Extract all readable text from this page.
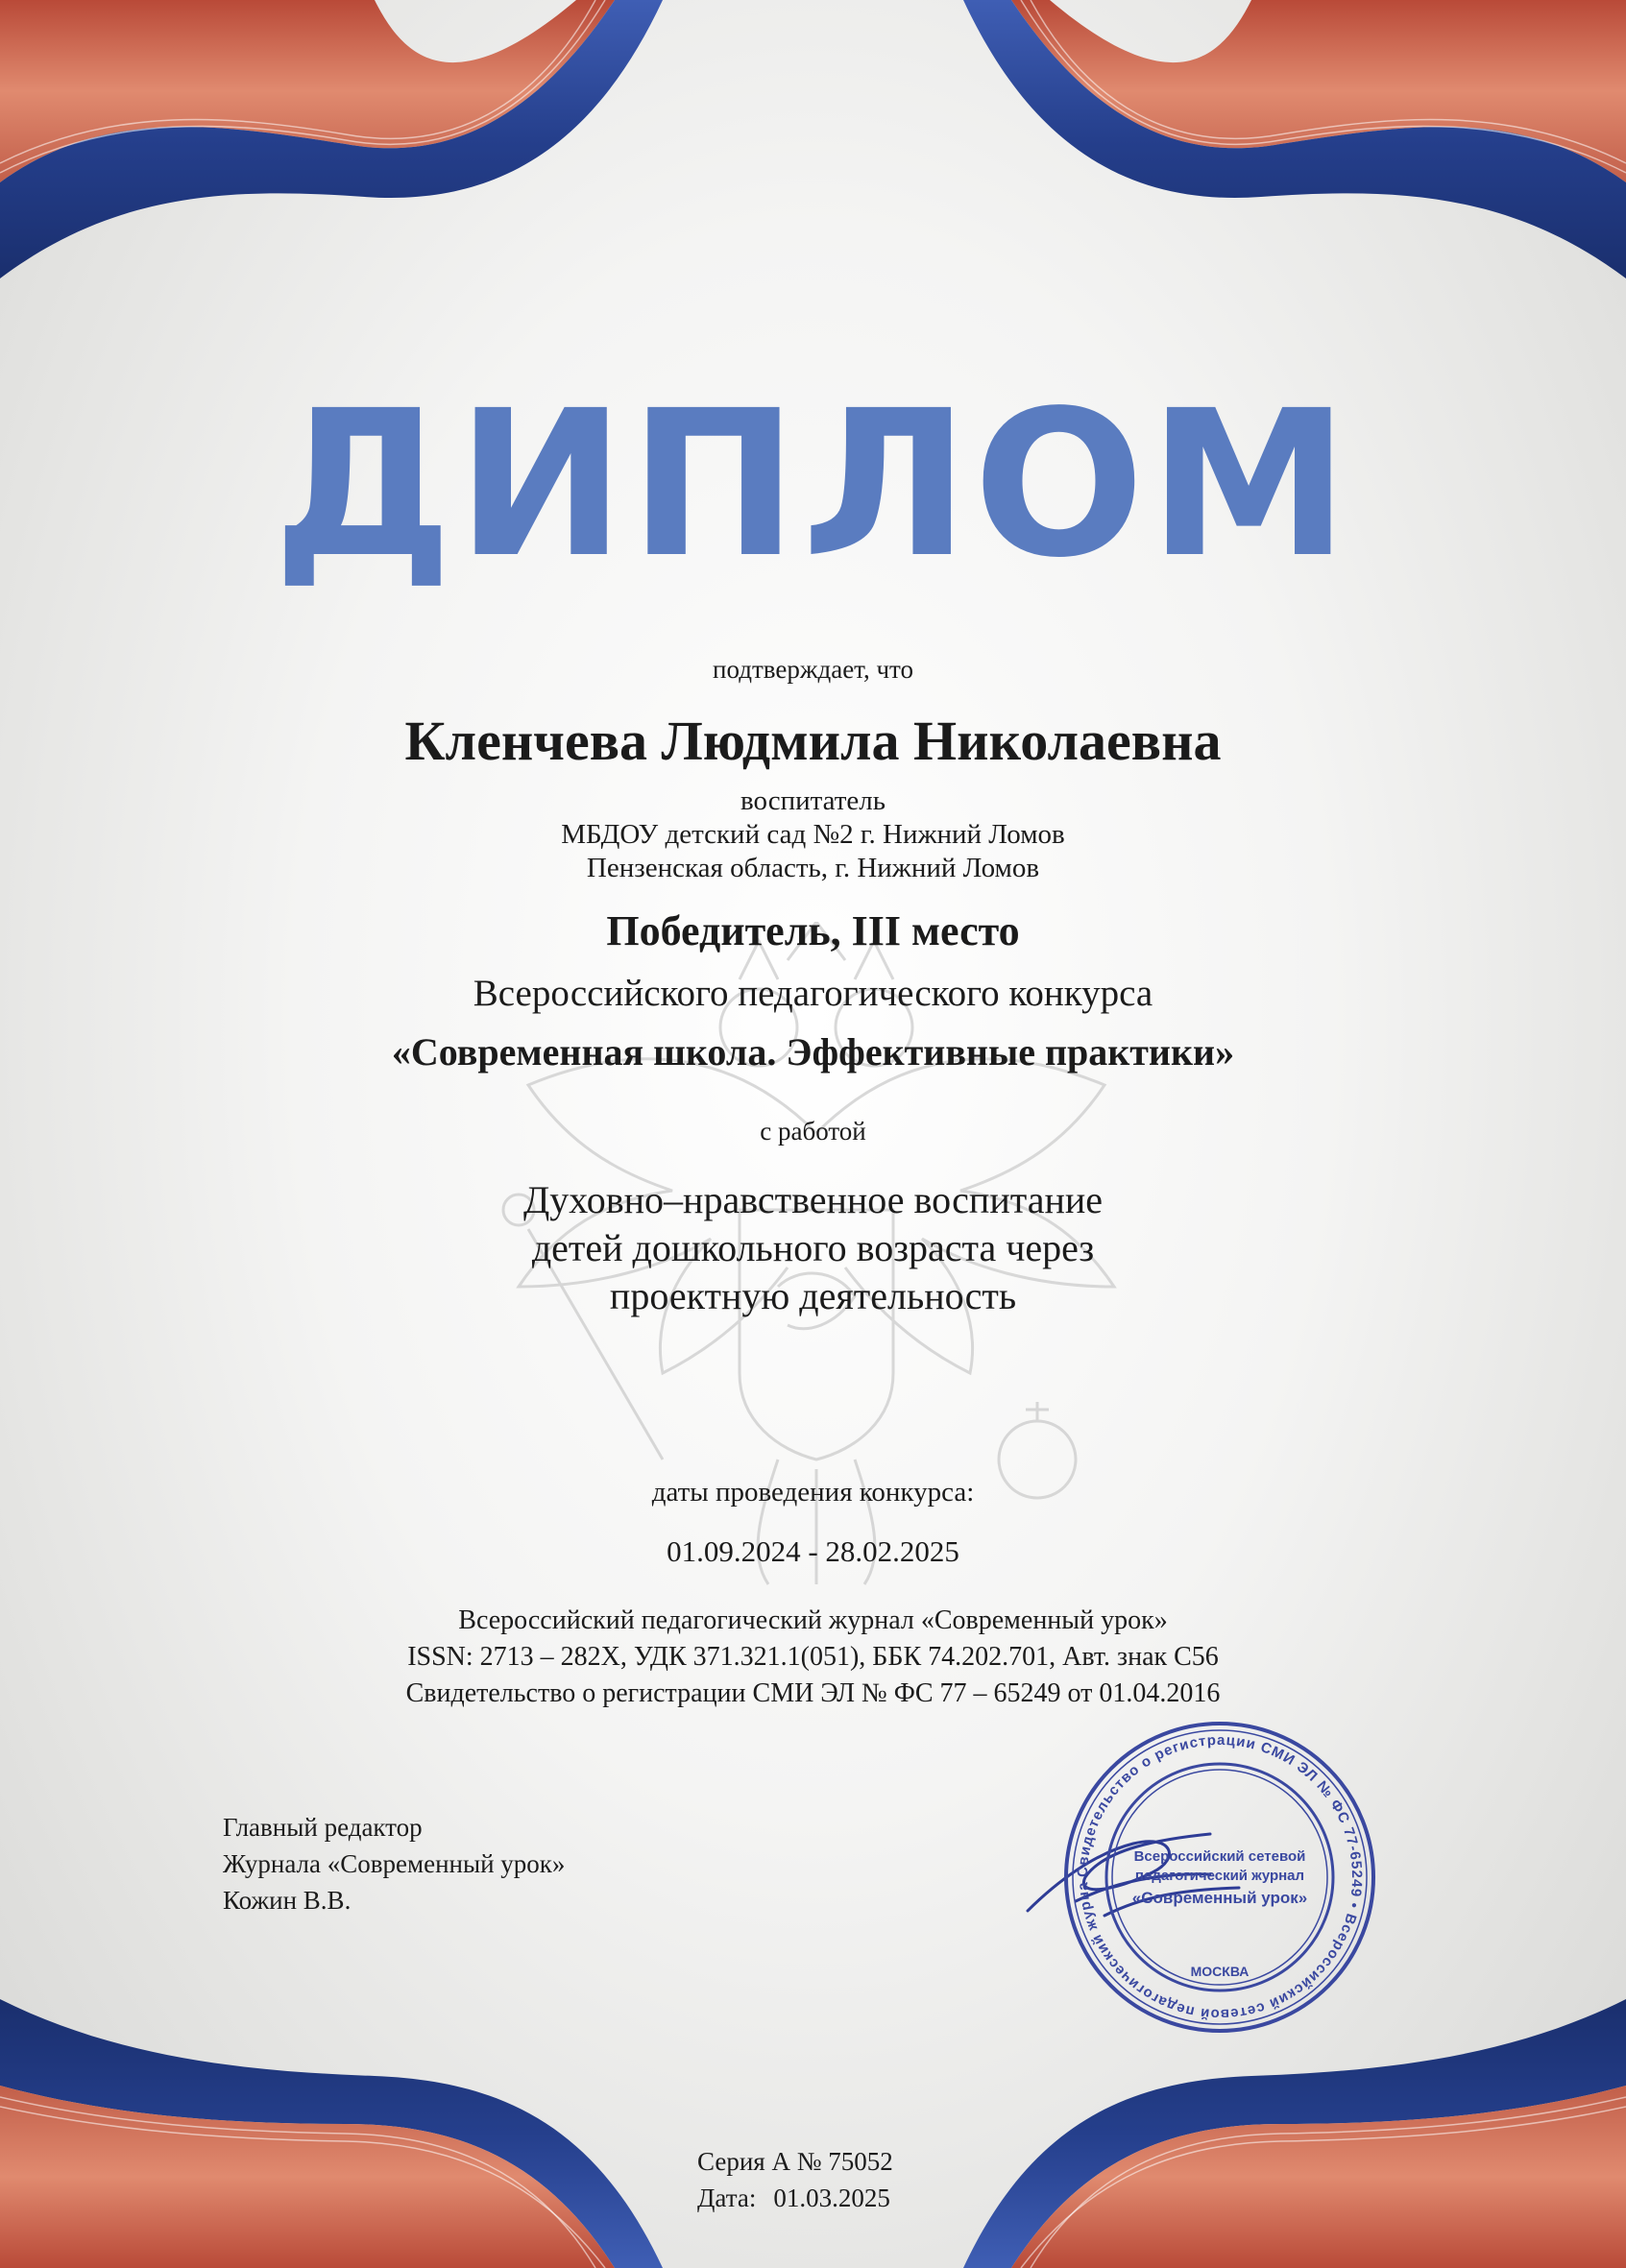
ДИПЛОМ
подтверждает, что
Кленчева Людмила Николаевна
воспитатель
МБДОУ детский сад №2 г. Нижний Ломов
Пензенская область, г. Нижний Ломов
Победитель, III место
Всероссийского педагогического конкурса
«Современная школа. Эффективные практики»
с работой
Духовно–нравственное воспитание
детей дошкольного возраста через
проектную деятельность
даты проведения конкурса:
01.09.2024 - 28.02.2025
Всероссийский педагогический журнал «Современный урок»
ISSN: 2713 – 282X, УДК 371.321.1(051), ББК 74.202.701, Авт. знак С56
Свидетельство о регистрации СМИ ЭЛ № ФС 77 – 65249 от 01.04.2016
Главный редактор
Журнала «Современный урок»
Кожин В.В.
Свидетельство о регистрации СМИ ЭЛ № ФС 77-65249 • Всероссийский сетевой педагогический журна
Всероссийский сетевой
педагогический журнал
«Современный урок»
МОСКВА
Серия А № 75052
Дата: 01.03.2025
